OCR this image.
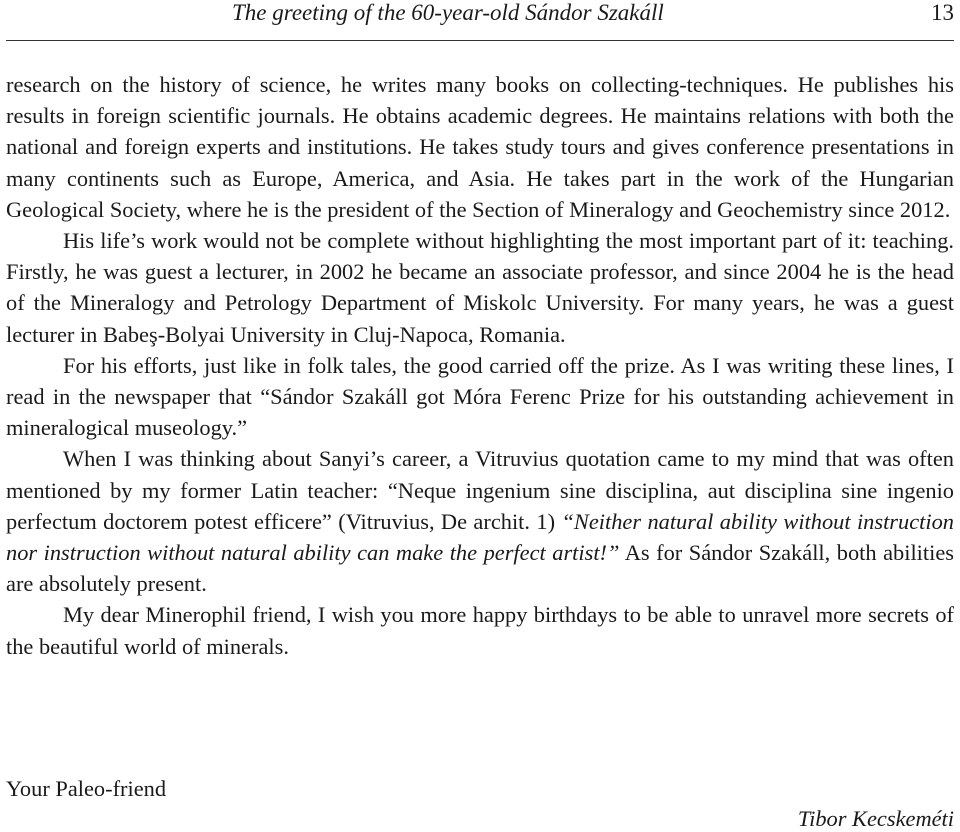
The greeting of the 60-year-old Sándor Szakáll	13

research on the history of science, he writes many books on collecting-techniques. He publishes his results in foreign scientific journals. He obtains academic degrees. He maintains relations with both the national and foreign experts and institutions. He takes study tours and gives conference presentations in many continents such as Europe, America, and Asia. He takes part in the work of the Hungarian Geological Society, where he is the president of the Section of Mineralogy and Geochemistry since 2012.

His life’s work would not be complete without highlighting the most important part of it: teaching. Firstly, he was guest a lecturer, in 2002 he became an associate professor, and since 2004 he is the head of the Mineralogy and Petrology Department of Miskolc University. For many years, he was a guest lecturer in Babeş-Bolyai University in Cluj-Napoca, Romania.

For his efforts, just like in folk tales, the good carried off the prize. As I was writing these lines, I read in the newspaper that “Sándor Szakáll got Móra Ferenc Prize for his outstanding achievement in mineralogical museology.”

When I was thinking about Sanyi’s career, a Vitruvius quotation came to my mind that was often mentioned by my former Latin teacher: “Neque ingenium sine disciplina, aut disciplina sine ingenio perfectum doctorem potest efficere” (Vitruvius, De archit. 1) “Neither natural ability without instruction nor instruction without natural ability can make the perfect artist!” As for Sándor Szakáll, both abilities are absolutely present.

My dear Minerophil friend, I wish you more happy birthdays to be able to unravel more secrets of the beautiful world of minerals.

Your Paleo-friend
Tibor Kecskeméti
